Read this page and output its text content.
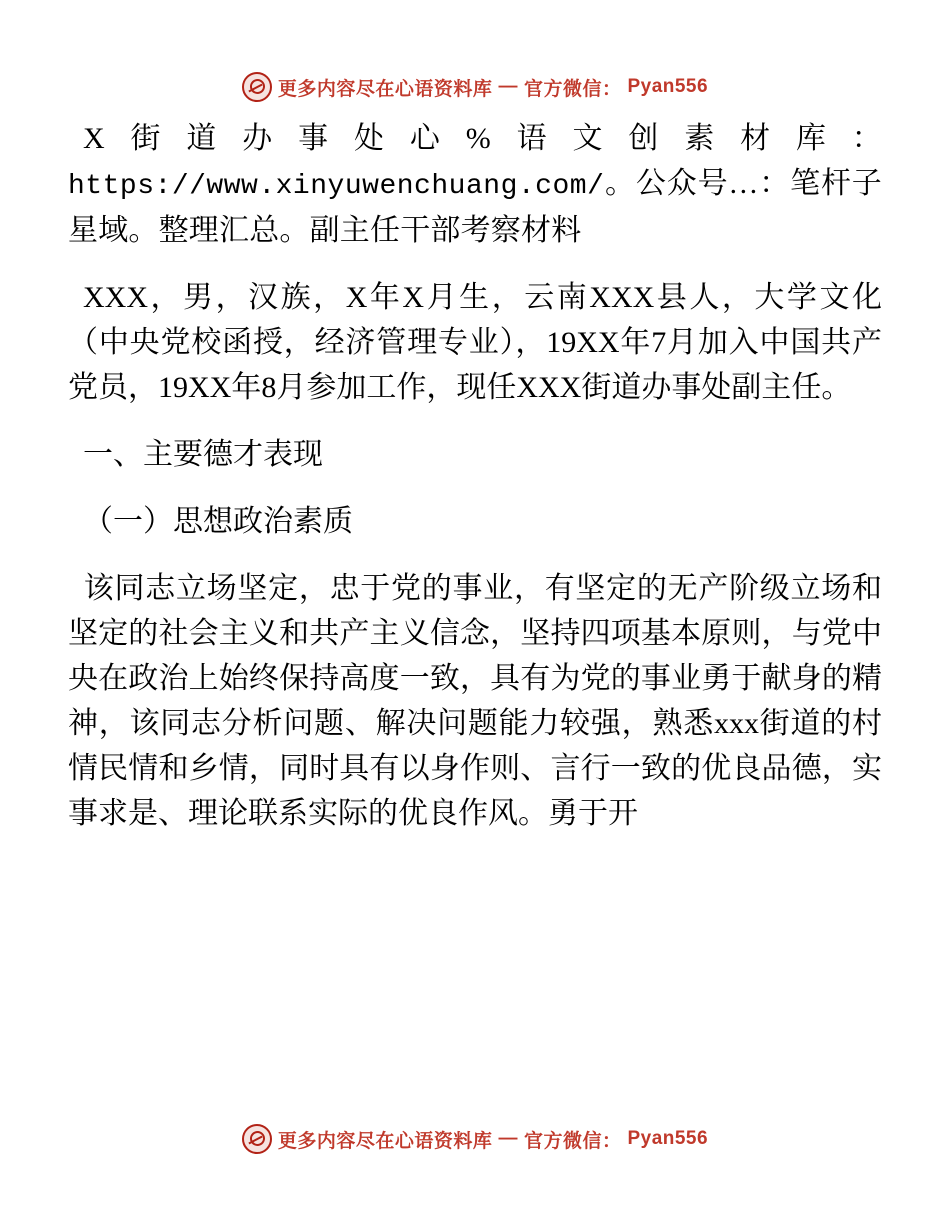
更多内容尽在心语资料库 — 官方微信： Pyan556

X街道办事处心%语文创素材库：https://www.xinyuwenchuang.com/。公众号…：笔杆子星域。整理汇总。副主任干部考察材料

XXX，男，汉族，X年X月生，云南XXX县人，大学文化（中央党校函授，经济管理专业），19XX年7月加入中国共产党员，19XX年8月参加工作，现任XXX街道办事处副主任。

一、主要德才表现

（一）思想政治素质

该同志立场坚定，忠于党的事业，有坚定的无产阶级立场和坚定的社会主义和共产主义信念，坚持四项基本原则，与党中央在政治上始终保持高度一致，具有为党的事业勇于献身的精神，该同志分析问题、解决问题能力较强，熟悉xxx街道的村情民情和乡情，同时具有以身作则、言行一致的优良品德，实事求是、理论联系实际的优良作风。勇于开

更多内容尽在心语资料库 — 官方微信： Pyan556
